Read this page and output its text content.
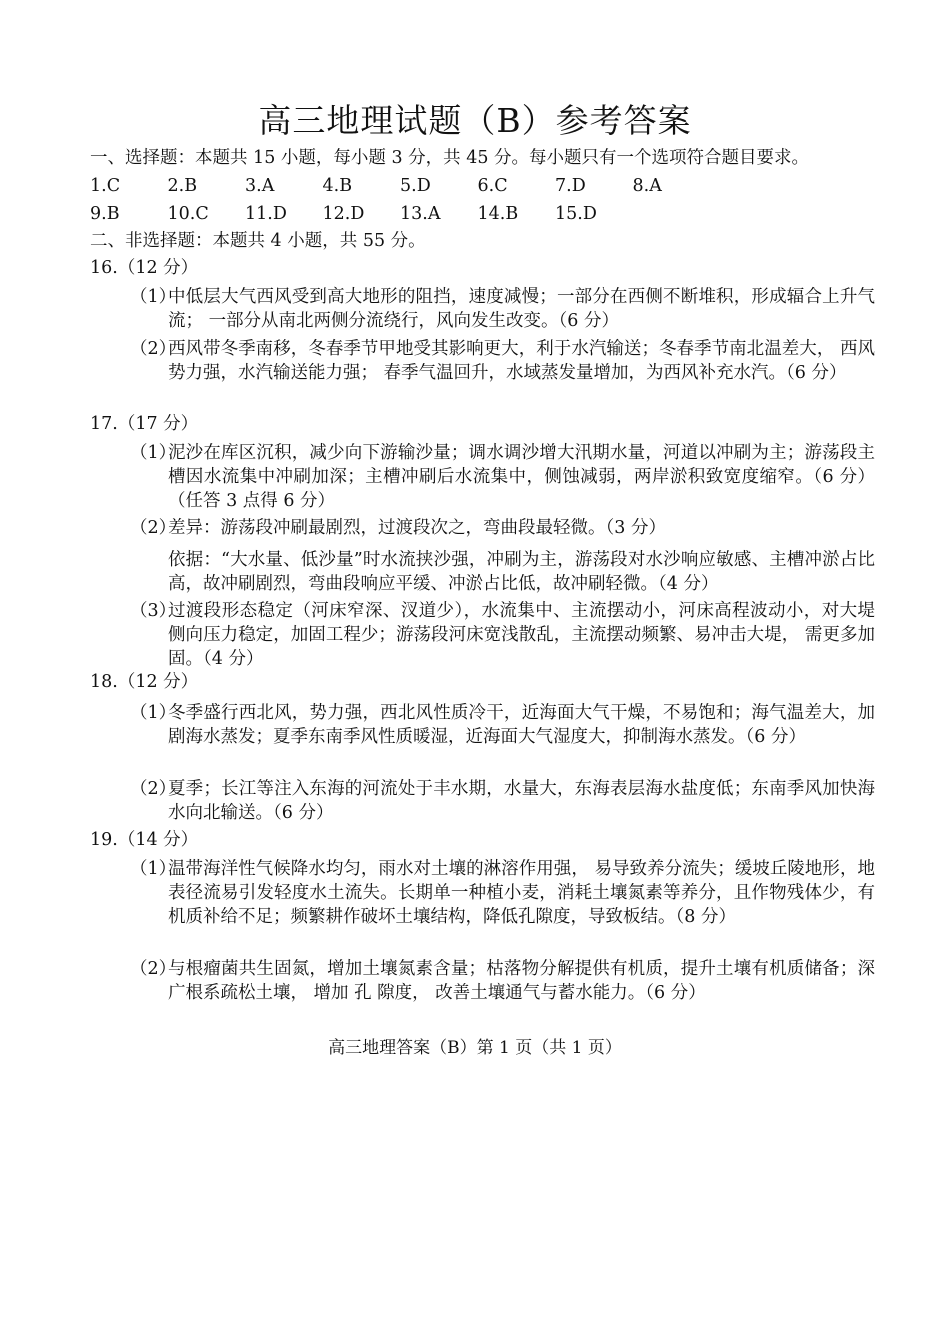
高三地理试题（B）参考答案
一、选择题：本题共 15 小题，每小题 3 分，共 45 分。每小题只有一个选项符合题目要求。
1.C	2.B	3.A	4.B	5.D	6.C	7.D	8.A
9.B	10.C 11.D 12.D 13.A 14.B 15.D
二、非选择题：本题共 4 小题，共 55 分。
16.（12 分）
（1）
中低层大气西风受到高大地形的阻挡，速度减慢；一部分在西侧不断堆积，形成辐合上升气流； 一部分从南北两侧分流绕行，风向发生改变。（6 分）
（2）
西风带冬季南移，冬春季节甲地受其影响更大，利于水汽输送；冬春季节南北温差大， 西风势力强，水汽输送能力强； 春季气温回升，水域蒸发量增加，为西风补充水汽。（6 分）
17.（17 分）
（1）
泥沙在库区沉积，减少向下游输沙量；调水调沙增大汛期水量，河道以冲刷为主；游荡段主槽因水流集中冲刷加深；主槽冲刷后水流集中，侧蚀减弱，两岸淤积致宽度缩窄。（6 分）（任答 3 点得 6 分）
（2）
差异：游荡段冲刷最剧烈，过渡段次之，弯曲段最轻微。（3 分）
依据：“大水量、低沙量”时水流挟沙强，冲刷为主，游荡段对水沙响应敏感、主槽冲淤占比高，故冲刷剧烈，弯曲段响应平缓、冲淤占比低，故冲刷轻微。（4 分）
（3）
过渡段形态稳定（河床窄深、汊道少），水流集中、主流摆动小，河床高程波动小，对大堤侧向压力稳定，加固工程少；游荡段河床宽浅散乱，主流摆动频繁、易冲击大堤， 需更多加固。（4 分）
18.（12 分）
（1）
冬季盛行西北风，势力强，西北风性质冷干，近海面大气干燥，不易饱和；海气温差大，加剧海水蒸发；夏季东南季风性质暖湿，近海面大气湿度大，抑制海水蒸发。（6 分）
（2）
夏季；长江等注入东海的河流处于丰水期，水量大，东海表层海水盐度低；东南季风加快海水向北输送。（6 分）
19.（14 分）
（1）
温带海洋性气候降水均匀，雨水对土壤的淋溶作用强， 易导致养分流失；缓坡丘陵地形，地表径流易引发轻度水土流失。长期单一种植小麦，消耗土壤氮素等养分，且作物残体少，有机质补给不足；频繁耕作破坏土壤结构，降低孔隙度，导致板结。（8 分）
（2）
与根瘤菌共生固氮，增加土壤氮素含量；枯落物分解提供有机质，提升土壤有机质储备；深广根系疏松土壤， 增加 孔 隙度， 改善土壤通气与蓄水能力。（6 分）
高三地理答案（B）第 1 页（共 1 页）
